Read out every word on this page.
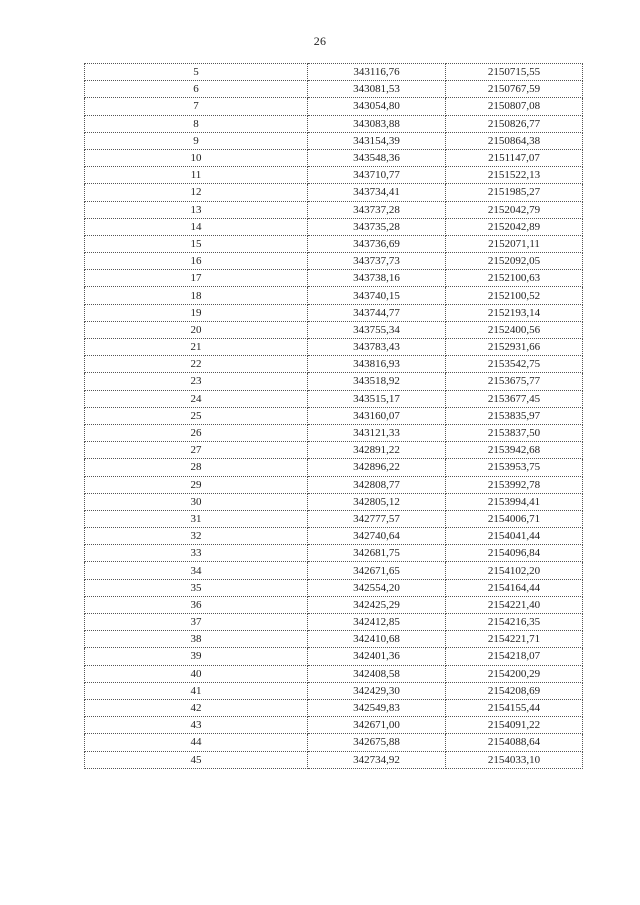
26
5	343116,76	2150715,55
6	343081,53	2150767,59
7	343054,80	2150807,08
8	343083,88	2150826,77
9	343154,39	2150864,38
10	343548,36	2151147,07
11	343710,77	2151522,13
12	343734,41	2151985,27
13	343737,28	2152042,79
14	343735,28	2152042,89
15	343736,69	2152071,11
16	343737,73	2152092,05
17	343738,16	2152100,63
18	343740,15	2152100,52
19	343744,77	2152193,14
20	343755,34	2152400,56
21	343783,43	2152931,66
22	343816,93	2153542,75
23	343518,92	2153675,77
24	343515,17	2153677,45
25	343160,07	2153835,97
26	343121,33	2153837,50
27	342891,22	2153942,68
28	342896,22	2153953,75
29	342808,77	2153992,78
30	342805,12	2153994,41
31	342777,57	2154006,71
32	342740,64	2154041,44
33	342681,75	2154096,84
34	342671,65	2154102,20
35	342554,20	2154164,44
36	342425,29	2154221,40
37	342412,85	2154216,35
38	342410,68	2154221,71
39	342401,36	2154218,07
40	342408,58	2154200,29
41	342429,30	2154208,69
42	342549,83	2154155,44
43	342671,00	2154091,22
44	342675,88	2154088,64
45	342734,92	2154033,10
